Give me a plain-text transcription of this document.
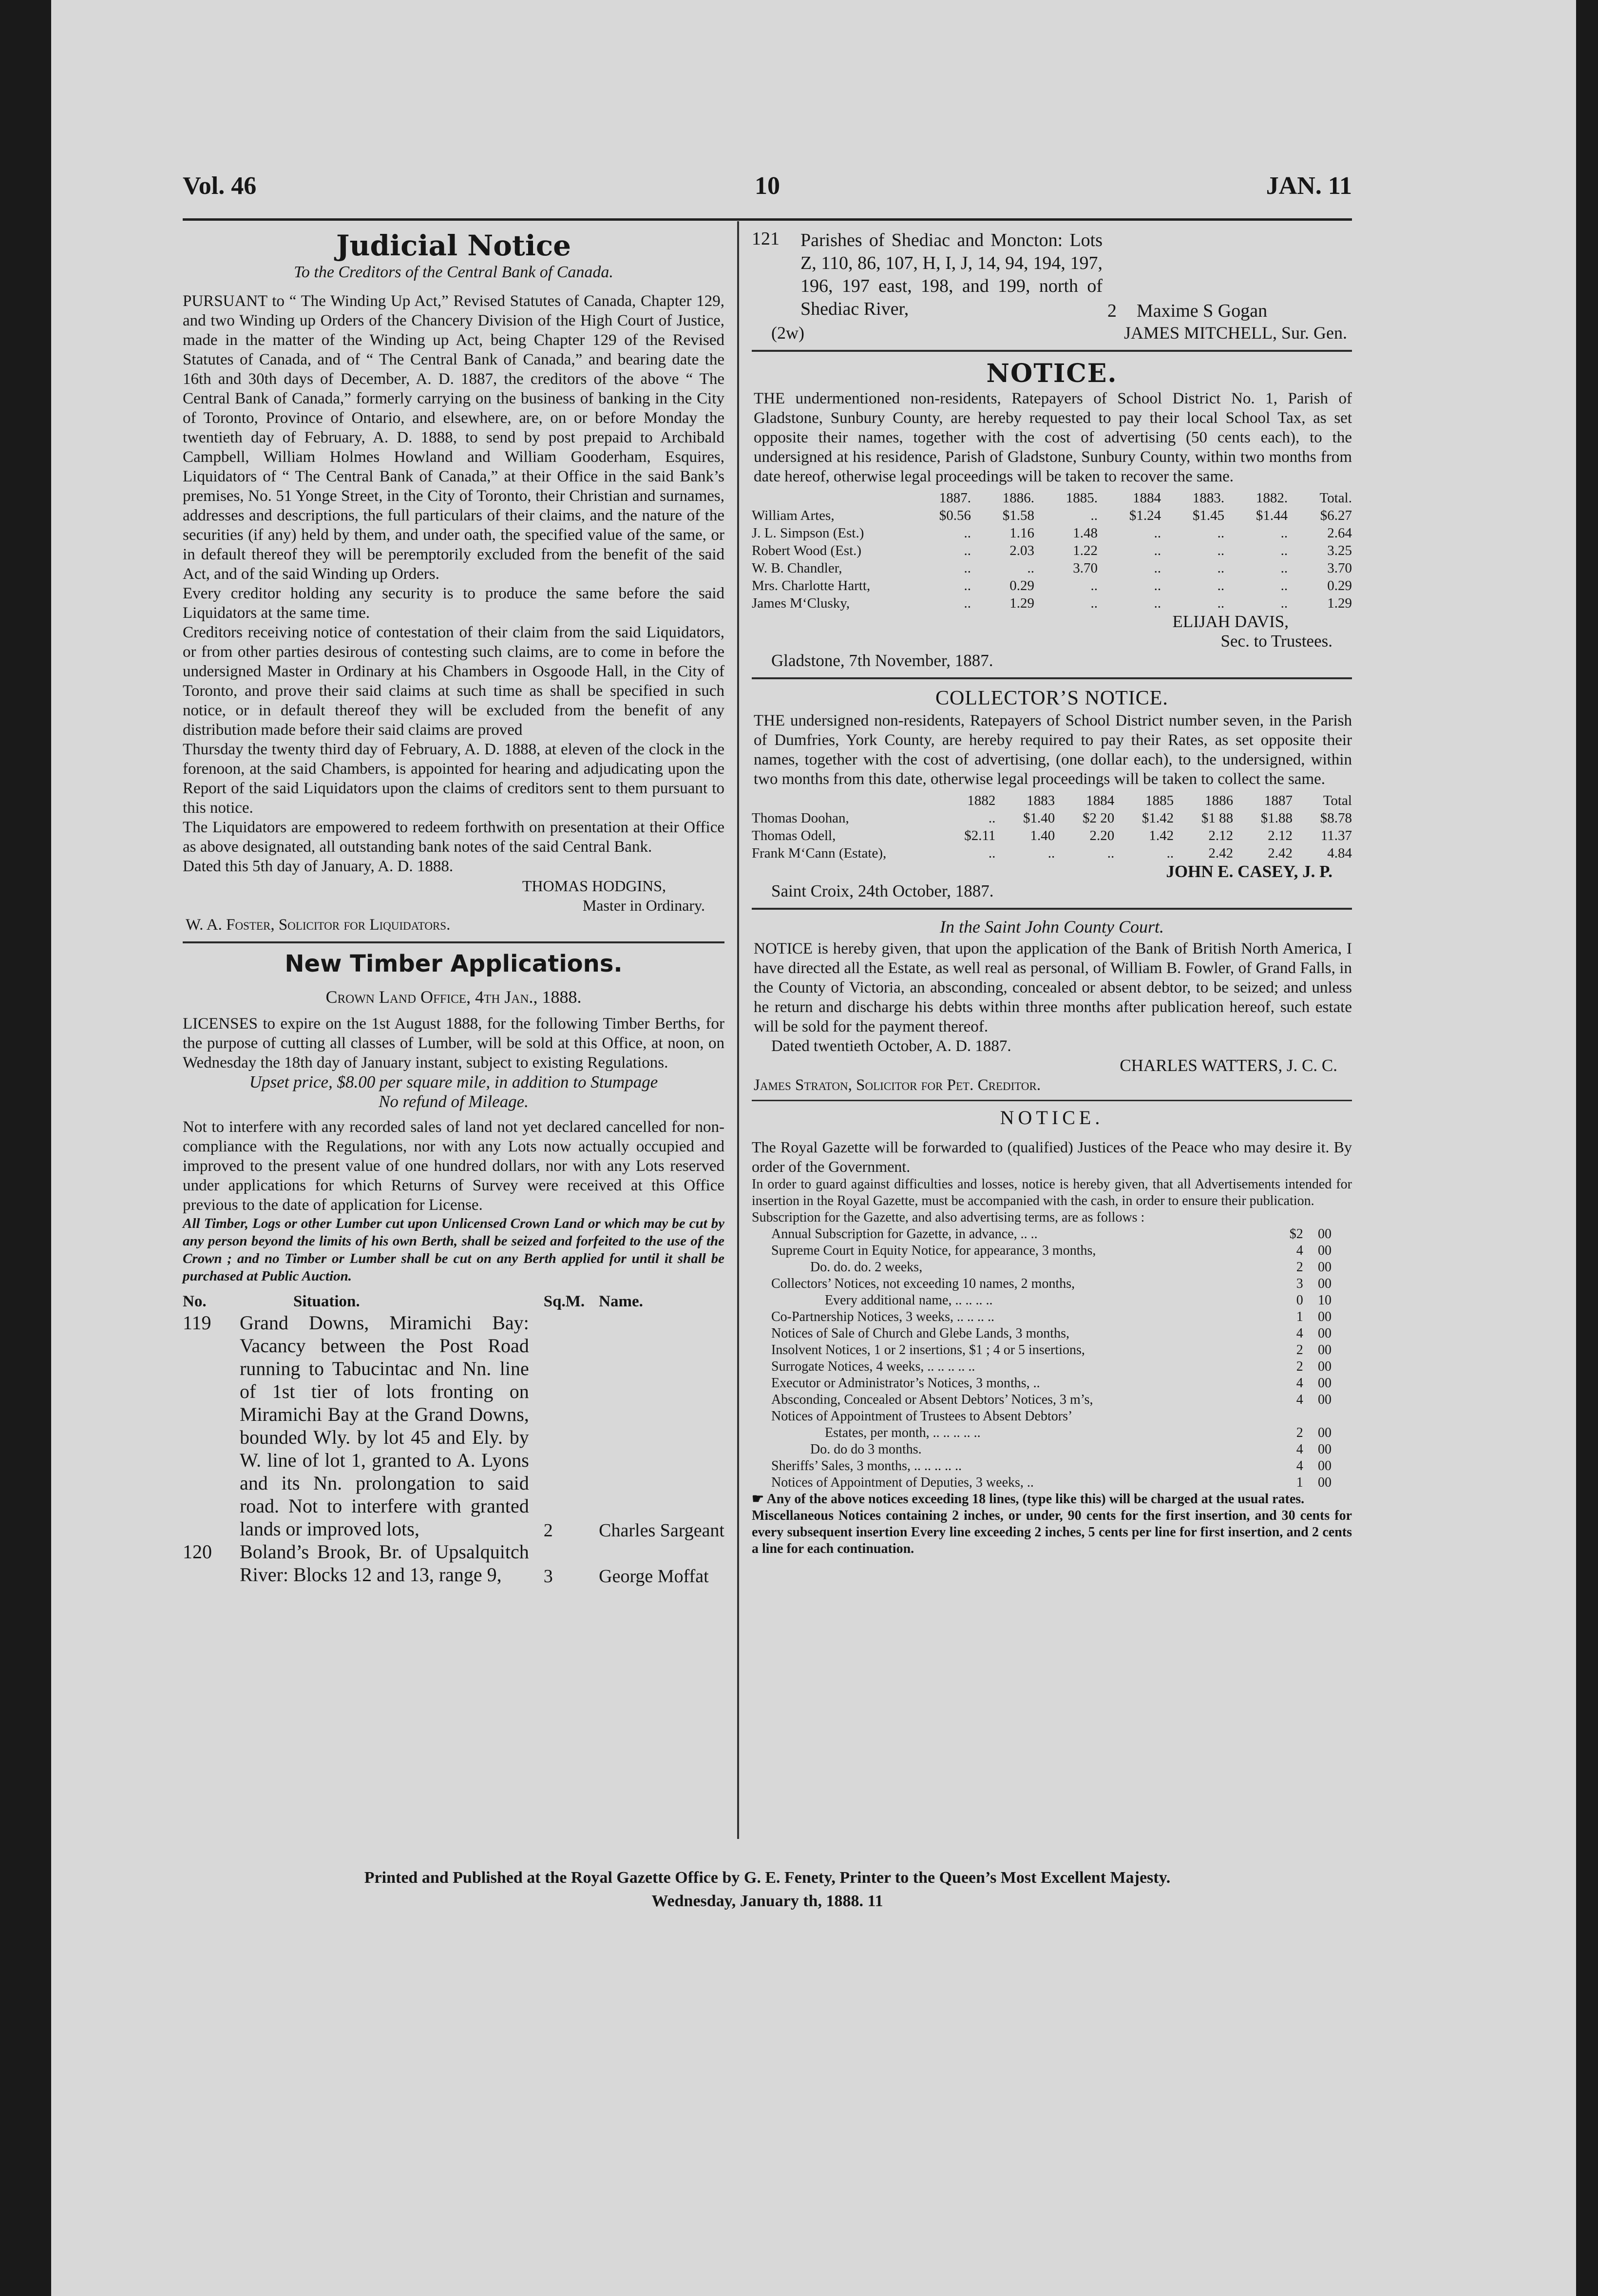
Vol. 46	10	JAN. 11
Judicial Notice

To the Creditors of the Central Bank of Canada.

PURSUANT to “ The Winding Up Act,” Revised Statutes of Canada, Chapter 129, and two Winding up Orders of the Chancery Division of the High Court of Justice, made in the matter of the Winding up Act, being Chapter 129 of the Revised Statutes of Canada, and of “ The Central Bank of Canada,” and bearing date the 16th and 30th days of December, A. D. 1887, the creditors of the above “ The Central Bank of Canada,” formerly carrying on the business of banking in the City of Toronto, Province of Ontario, and elsewhere, are, on or before Monday the twentieth day of February, A. D. 1888, to send by post prepaid to Archibald Campbell, William Holmes Howland and William Gooderham, Esquires, Liquidators of “ The Central Bank of Canada,” at their Office in the said Bank’s premises, No. 51 Yonge Street, in the City of Toronto, their Christian and surnames, addresses and descriptions, the full particulars of their claims, and the nature of the securities (if any) held by them, and under oath, the specified value of the same, or in default thereof they will be peremptorily excluded from the benefit of the said Act, and of the said Winding up Orders.

Every creditor holding any security is to produce the same before the said Liquidators at the same time.

Creditors receiving notice of contestation of their claim from the said Liquidators, or from other parties desirous of contesting such claims, are to come in before the undersigned Master in Ordinary at his Chambers in Osgoode Hall, in the City of Toronto, and prove their said claims at such time as shall be specified in such notice, or in default thereof they will be excluded from the benefit of any distribution made before their said claims are proved

Thursday the twenty third day of February, A. D. 1888, at eleven of the clock in the forenoon, at the said Chambers, is appointed for hearing and adjudicating upon the Report of the said Liquidators upon the claims of creditors sent to them pursuant to this notice.

The Liquidators are empowered to redeem forthwith on presentation at their Office as above designated, all outstanding bank notes of the said Central Bank.

Dated this 5th day of January, A. D. 1888.

THOMAS HODGINS,

Master in Ordinary.

W. A. Foster, Solicitor for Liquidators.

New Timber Applications.

Crown Land Office, 4th Jan., 1888.

LICENSES to expire on the 1st August 1888, for the following Timber Berths, for the purpose of cutting all classes of Lumber, will be sold at this Office, at noon, on Wednesday the 18th day of January instant, subject to existing Regulations.

Upset price, $8.00 per square mile, in addition to Stumpage

No refund of Mileage.

Not to interfere with any recorded sales of land not yet declared cancelled for non-compliance with the Regulations, nor with any Lots now actually occupied and improved to the present value of one hundred dollars, nor with any Lots reserved under applications for which Returns of Survey were received at this Office previous to the date of application for License.

All Timber, Logs or other Lumber cut upon Unlicensed Crown Land or which may be cut by any person beyond the limits of his own Berth, shall be seized and forfeited to the use of the Crown ; and no Timber or Lumber shall be cut on any Berth applied for until it shall be purchased at Public Auction.

No.	Situation.	Sq.M.	Name.
119	Grand Downs, Miramichi Bay: Vacancy between the Post Road running to Tabucintac and Nn. line of 1st tier of lots fronting on Miramichi Bay at the Grand Downs, bounded Wly. by lot 45 and Ely. by W. line of lot 1, granted to A. Lyons and its Nn. prolongation to said road. Not to interfere with granted lands or improved lots,	2	Charles Sargeant
120	Boland’s Brook, Br. of Upsalquitch River: Blocks 12 and 13, range 9,	3	George Moffat
121	Parishes of Shediac and Moncton: Lots Z, 110, 86, 107, H, I, J, 14, 94, 194, 197, 196, 197 east, 198, and 199, north of Shediac River,	2	Maxime S Gogan
(2w)	JAMES MITCHELL, Sur. Gen.
NOTICE.

THE undermentioned non-residents, Ratepayers of School District No. 1, Parish of Gladstone, Sunbury County, are hereby requested to pay their local School Tax, as set opposite their names, together with the cost of advertising (50 cents each), to the undersigned at his residence, Parish of Gladstone, Sunbury County, within two months from date hereof, otherwise legal proceedings will be taken to recover the same.

	1887.	1886.	1885.	1884	1883.	1882.	Total.
William Artes,	$0.56	$1.58	..	$1.24	$1.45	$1.44	$6.27
J. L. Simpson (Est.)	..	1.16	1.48	..	..	..	2.64
Robert Wood (Est.)	..	2.03	1.22	..	..	..	3.25
W. B. Chandler,	..	..	3.70	..	..	..	3.70
Mrs. Charlotte Hartt,	..	0.29	..	..	..	..	0.29
James M‘Clusky,	..	1.29	..	..	..	..	1.29

ELIJAH DAVIS,

Sec. to Trustees.

Gladstone, 7th November, 1887.

COLLECTOR’S NOTICE.

THE undersigned non-residents, Ratepayers of School District number seven, in the Parish of Dumfries, York County, are hereby required to pay their Rates, as set opposite their names, together with the cost of advertising, (one dollar each), to the undersigned, within two months from this date, otherwise legal proceedings will be taken to collect the same.

	1882	1883	1884	1885	1886	1887	Total
Thomas Doohan,	..	$1.40	$2 20	$1.42	$1 88	$1.88	$8.78
Thomas Odell,	$2.11	1.40	2.20	1.42	2.12	2.12	11.37
Frank M‘Cann (Estate),	..	..	..	..	2.42	2.42	4.84

JOHN E. CASEY, J. P.

Saint Croix, 24th October, 1887.

In the Saint John County Court.

NOTICE is hereby given, that upon the application of the Bank of British North America, I have directed all the Estate, as well real as personal, of William B. Fowler, of Grand Falls, in the County of Victoria, an absconding, concealed or absent debtor, to be seized; and unless he return and discharge his debts within three months after publication hereof, such estate will be sold for the payment thereof.

Dated twentieth October, A. D. 1887.

CHARLES WATTERS, J. C. C.

James Straton, Solicitor for Pet. Creditor.

NOTICE.

The Royal Gazette will be forwarded to (qualified) Justices of the Peace who may desire it. By order of the Government.

In order to guard against difficulties and losses, notice is hereby given, that all Advertisements intended for insertion in the Royal Gazette, must be accompanied with the cash, in order to ensure their publication.

Subscription for the Gazette, and also advertising terms, are as follows :

Annual Subscription for Gazette, in advance, .. ..	$2	00
Supreme Court in Equity Notice, for appearance, 3 months,	4	00
Do. do. do. 2 weeks,	2	00
Collectors’ Notices, not exceeding 10 names, 2 months,	3	00
Every additional name, .. .. .. ..	0	10
Co-Partnership Notices, 3 weeks, .. .. .. ..	1	00
Notices of Sale of Church and Glebe Lands, 3 months,	4	00
Insolvent Notices, 1 or 2 insertions, $1 ; 4 or 5 insertions,	2	00
Surrogate Notices, 4 weeks, .. .. .. .. ..	2	00
Executor or Administrator’s Notices, 3 months, ..	4	00
Absconding, Concealed or Absent Debtors’ Notices, 3 m’s,	4	00
Notices of Appointment of Trustees to Absent Debtors’		
Estates, per month, .. .. .. .. ..	2	00
Do. do do 3 months.	4	00
Sheriffs’ Sales, 3 months, .. .. .. .. ..	4	00
Notices of Appointment of Deputies, 3 weeks, ..	1	00

☛ Any of the above notices exceeding 18 lines, (type like this) will be charged at the usual rates.

Miscellaneous Notices containing 2 inches, or under, 90 cents for the first insertion, and 30 cents for every subsequent insertion Every line exceeding 2 inches, 5 cents per line for first insertion, and 2 cents a line for each continuation.

Printed and Published at the Royal Gazette Office by G. E. Fenety, Printer to the Queen’s Most Excellent Majesty.
Wednesday, January th, 1888. 11
